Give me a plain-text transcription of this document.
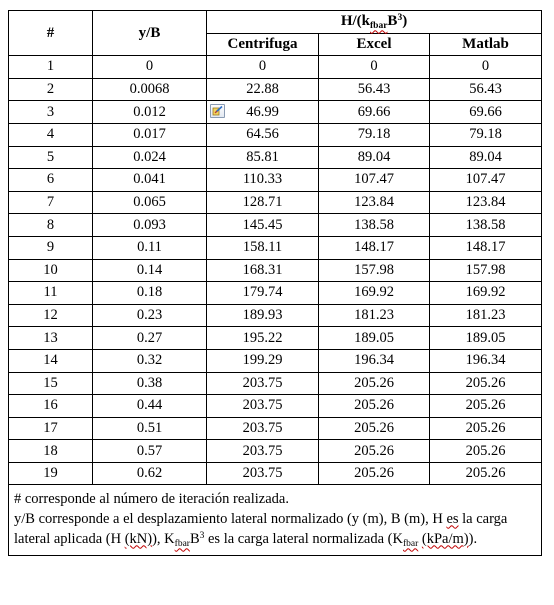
#	y/B	$H/(k_{fbar}B^3)$		
		Centrifuga	Excel	Matlab
1	0	0	0	0
2	0.0068	22.88	56.43	56.43
3	0.012	46.99	69.66	69.66
4	0.017	64.56	79.18	79.18
5	0.024	85.81	89.04	89.04
6	0.041	110.33	107.47	107.47
7	0.065	128.71	123.84	123.84
8	0.093	145.45	138.58	138.58
9	0.11	158.11	148.17	148.17
10	0.14	168.31	157.98	157.98
11	0.18	179.74	169.92	169.92
12	0.23	189.93	181.23	181.23
13	0.27	195.22	189.05	189.05
14	0.32	199.29	196.34	196.34
15	0.38	203.75	205.26	205.26
16	0.44	203.75	205.26	205.26
17	0.51	203.75	205.26	205.26
18	0.57	203.75	205.26	205.26
19	0.62	203.75	205.26	205.26

# corresponde al número de iteración realizada.
y/B corresponde a el desplazamiento lateral normalizado (y (m), B (m), H es la carga lateral aplicada (H (kN)), $K_{fbar}B^3$ es la carga lateral normalizada ($K_{fbar}$ (kPa/m)).				
